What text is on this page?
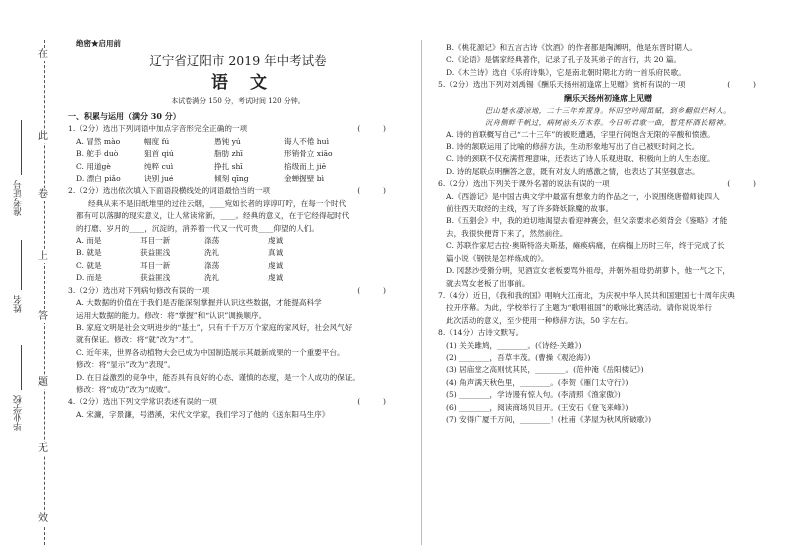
在
此
卷
上
答
题
无
效
准考证号
姓名
毕业学校
绝密★启用前
辽宁省辽阳市 2019 年中考试卷
语文
本试卷满分 150 分，考试时间 120 分钟。
一、积累与运用（满分 30 分）
1.（2分）选出下列词语中加点字音形完全正确的一项	(　　　)
A. 冒然 mào	幅度 fú	愚钝 yú	诲人不倦 huì
B. 舵手 duò	狙首 qiú	脂肪 zhī	形销骨立 xiāo
C. 用道gè	纯粹 cuì	挣扎 shī	掐级而上 jiē
D. 漂白 piǎo	诀别 jué	倾刻 qīng	金蝉握壁 bì
2.（2分）选出依次填入下面语段横线处的词语最恰当的一项	(　　　)
经典从来不是旧纸堆里的过往云烟，____宛如长者的谆谆叮咛，在每一个时代
都有可以落脚的现实意义，让人常读常新，____。经典的意义，在于它经得起时代
的打磨、岁月的____，沉淀的，消养着一代又一代可贵____仰望的人们。
A. 而是	耳目一新	涤荡	虔诚
B. 就是	获益匪浅	洗礼	真诚
C. 就是	耳目一新	涤荡	虔诚
D. 而是	获益匪浅	洗礼	虔诚
3.（2分）选出对下列病句修改有误的一项	(　　　)
A. 大数据的价值在于我们是否能深刻掌握并认识这些数据，才能提高科学
运用大数据的能力。修改：将“掌握”和“认识”调换顺序。
B. 家庭文明是社会文明进步的“基土”，只有千千万万个家庭的家风好，社会风气好
就有保证。修改：将“就”改为“才”。
C. 近年来，世界各动植物大会已成为中国制造展示其最新成果的一个重要平台。
修改：将“显示”改为“表现”。
D. 在日益激烈的竞争中，能否具有良好的心态、谨慎的态度，是一个人成功的保证。
修改：将“成功”改为“成败”。
4.（2分）选出下列文学常识表述有误的一项	(　　　)
A. 宋濂，字景濂，号潜溪，宋代文学家，我们学习了他的《送东阳马生序》
B.《桃花源记》和五言古诗《饮酒》的作者都是陶渊明，他是东晋时期人。
C.《论语》是儒家经典著作，记录了孔子及其弟子的言行，共 20 篇。
D.《木兰诗》选自《乐府诗集》，它是南北朝时期北方的一首乐府民歌。
5.（2分）选出下列对刘禹锡《酬乐天扬州初逢席上见赠》赏析有误的一项	(　　　)
酬乐天扬州初逢席上见赠
巴山楚水凄凉地，二十三年弃置身。怀旧空吟闻笛赋，到乡翻似烂柯人。
沉舟侧畔千帆过，病树前头万木春。今日听君歌一曲，暂凭杯酒长精神。
A. 诗的首联概写自己“二十三年”的被贬遭遇，字里行间饱含无限的辛酸和愤懑。
B. 诗的颔联运用了比喻的修辞方法，生动形象地写出了自己被贬时间之长。
C. 诗的颈联不仅充满哲理意味，还表达了诗人乐观进取、积极向上的人生态度。
D. 诗的尾联点明酬答之意，既有对友人的感激之情，也表达了其坚强意志。
6.（2分）选出下列关于课外名著的说法有误的一项	(　　　)
A.《西游记》是中国古典文学中最富有想象力的作品之一，小说围绕唐僧师徒四人
前往西天取经的主线，写了许多降妖除魔的故事。
B.《五猖会》中，我的迫切地渴望去看迎神赛会，但父亲要求必须背会《鉴略》才能
去，我很快便背下来了，然然前往。
C. 苏联作家尼古拉·奥斯特洛夫斯基，瘫痪病痛，在病榻上历时三年，终于完成了长
篇小说《钢铁是怎样炼成的》。
D. 冈瑟沙受猾分明，见酒宣女老板要骂外祖母，并朝外祖母扔胡萝卜，他一气之下，
就去骂女老板了出事前。
7.（4分）近日，《我和我的国》唱响大江南北，为庆祝中华人民共和国建国七十周年庆典
拉开序幕。为此，学校举行了主题为“歌唱祖国”的歌咏比赛活动。请你说说举行
此次活动的意义，至少使用一种修辞方法，50 字左右。
8.（14分）古诗文默写。
(1) 关关雎鸠，________。(《诗经·关雎》)
(2) ________，吾草丰茂。(曹操《观沧海》)
(3) 居庙堂之高则忧其民，________。(范仲淹《岳阳楼记》)
(4) 角声满天秋色里，________。(李贺《雁门太守行》)
(5) ________，学诗谩有惊人句。(李清照《渔家傲》)
(6) ________，阅读商场贝目开。(王安石《登飞来峰》)
(7) 安得广厦千万间，________！(杜甫《茅屋为秋风所破歌》)
